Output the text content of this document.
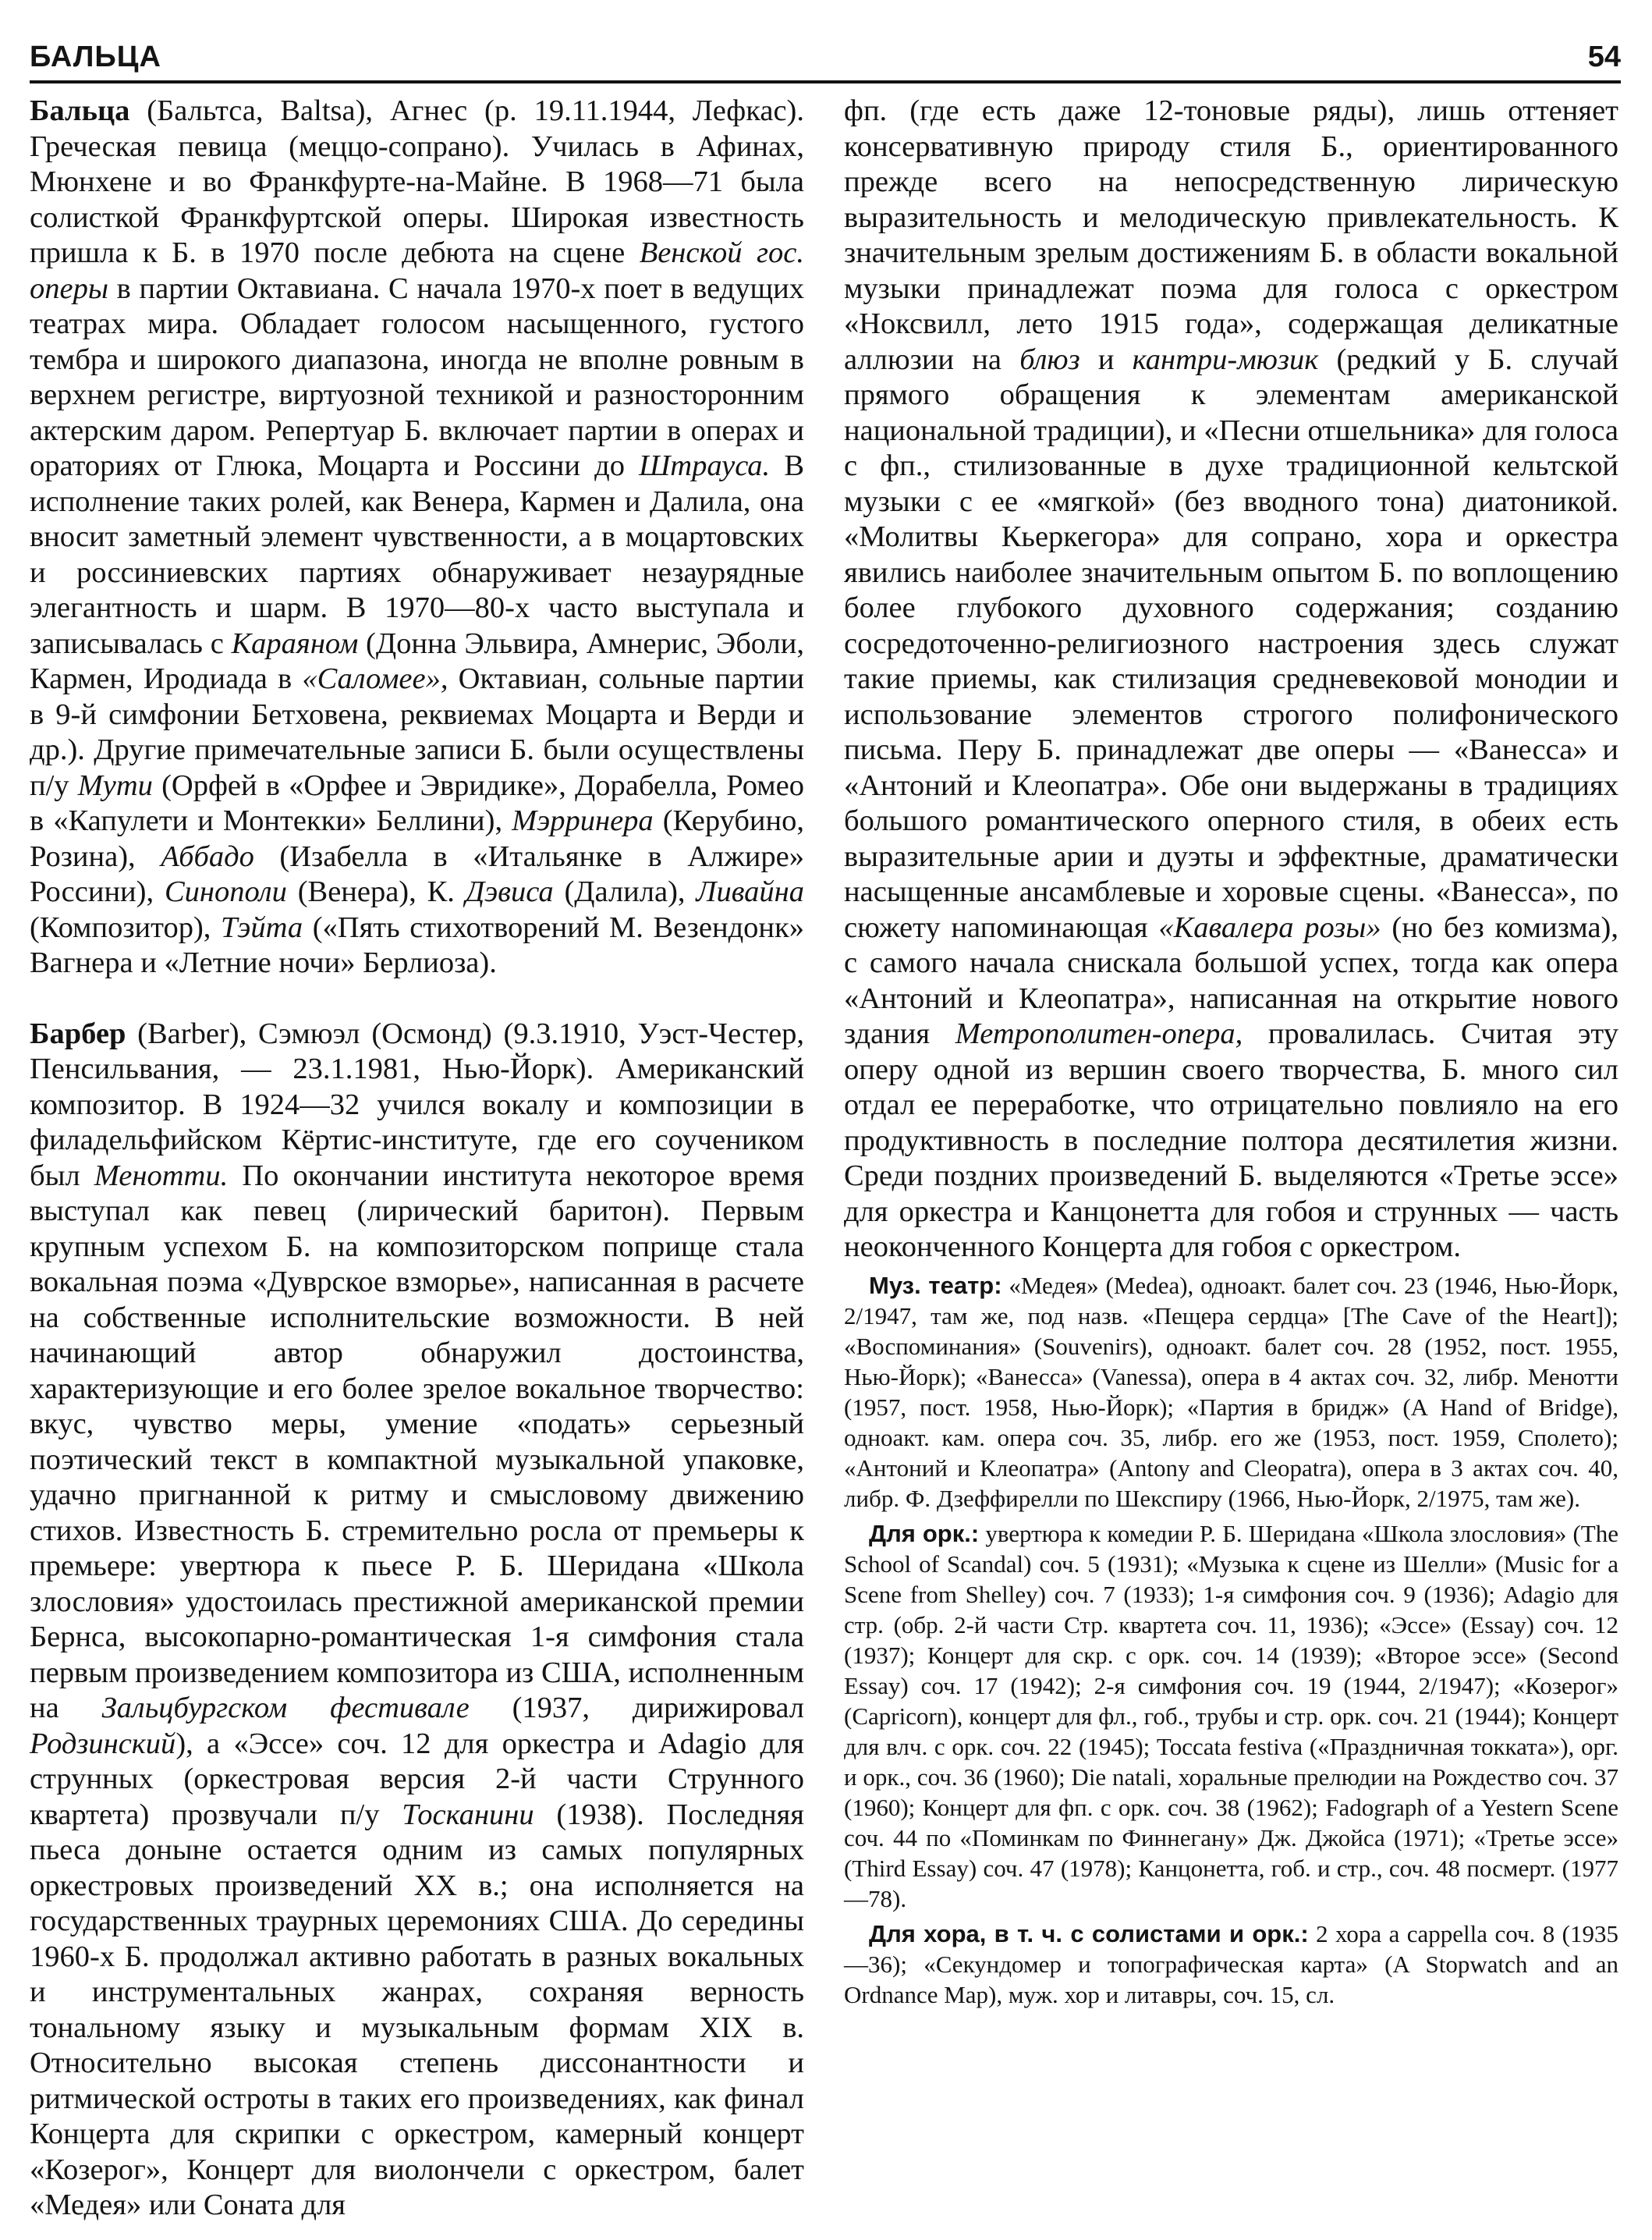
БАЛЬЦА	54

Бальца (Бальтса, Baltsa), Агнес (р. 19.11.1944, Лефкас). Греческая певица (меццо-сопрано). Училась в Афинах, Мюнхене и во Франкфурте-на-Майне. В 1968—71 была солисткой Франкфуртской оперы. Широкая известность пришла к Б. в 1970 после дебюта на сцене Венской гос. оперы в партии Октавиана. С начала 1970-х поет в ведущих театрах мира. Обладает голосом насыщенного, густого тембра и широкого диапазона, иногда не вполне ровным в верхнем регистре, виртуозной техникой и разносторонним актерским даром. Репертуар Б. включает партии в операх и ораториях от Глюка, Моцарта и Россини до Штрауса. В исполнение таких ролей, как Венера, Кармен и Далила, она вносит заметный элемент чувственности, а в моцартовских и россиниевских партиях обнаруживает незаурядные элегантность и шарм. В 1970—80-х часто выступала и записывалась с Караяном (Донна Эльвира, Амнерис, Эболи, Кармен, Иродиада в «Саломее», Октавиан, сольные партии в 9-й симфонии Бетховена, реквиемах Моцарта и Верди и др.). Другие примечательные записи Б. были осуществлены п/у Мути (Орфей в «Орфее и Эвридике», Дорабелла, Ромео в «Капулети и Монтекки» Беллини), Мэрринера (Керубино, Розина), Аббадо (Изабелла в «Итальянке в Алжире» Россини), Синополи (Венера), К. Дэвиса (Далила), Ливайна (Композитор), Тэйта («Пять стихотворений М. Везендонк» Вагнера и «Летние ночи» Берлиоза).

Барбер (Barber), Сэмюэл (Осмонд) (9.3.1910, Уэст-Честер, Пенсильвания, — 23.1.1981, Нью-Йорк). Американский композитор. В 1924—32 учился вокалу и композиции в филадельфийском Кёртис-институте, где его соучеником был Менотти. По окончании института некоторое время выступал как певец (лирический баритон). Первым крупным успехом Б. на композиторском поприще стала вокальная поэма «Дуврское взморье», написанная в расчете на собственные исполнительские возможности. В ней начинающий автор обнаружил достоинства, характеризующие и его более зрелое вокальное творчество: вкус, чувство меры, умение «подать» серьезный поэтический текст в компактной музыкальной упаковке, удачно пригнанной к ритму и смысловому движению стихов. Известность Б. стремительно росла от премьеры к премьере: увертюра к пьесе Р. Б. Шеридана «Школа злословия» удостоилась престижной американской премии Бернса, высокопарно-романтическая 1-я симфония стала первым произведением композитора из США, исполненным на Зальцбургском фестивале (1937, дирижировал Родзинский), а «Эссе» соч. 12 для оркестра и Adagio для струнных (оркестровая версия 2-й части Струнного квартета) прозвучали п/у Тосканини (1938). Последняя пьеса доныне остается одним из самых популярных оркестровых произведений XX в.; она исполняется на государственных траурных церемониях США. До середины 1960-х Б. продолжал активно работать в разных вокальных и инструментальных жанрах, сохраняя верность тональному языку и музыкальным формам XIX в. Относительно высокая степень диссонантности и ритмической остроты в таких его произведениях, как финал Концерта для скрипки с оркестром, камерный концерт «Козерог», Концерт для виолончели с оркестром, балет «Медея» или Соната для

фп. (где есть даже 12-тоновые ряды), лишь оттеняет консервативную природу стиля Б., ориентированного прежде всего на непосредственную лирическую выразительность и мелодическую привлекательность. К значительным зрелым достижениям Б. в области вокальной музыки принадлежат поэма для голоса с оркестром «Ноксвилл, лето 1915 года», содержащая деликатные аллюзии на блюз и кантри-мюзик (редкий у Б. случай прямого обращения к элементам американской национальной традиции), и «Песни отшельника» для голоса с фп., стилизованные в духе традиционной кельтской музыки с ее «мягкой» (без вводного тона) диатоникой. «Молитвы Кьеркегора» для сопрано, хора и оркестра явились наиболее значительным опытом Б. по воплощению более глубокого духовного содержания; созданию сосредоточенно-религиозного настроения здесь служат такие приемы, как стилизация средневековой монодии и использование элементов строгого полифонического письма. Перу Б. принадлежат две оперы — «Ванесса» и «Антоний и Клеопатра». Обе они выдержаны в традициях большого романтического оперного стиля, в обеих есть выразительные арии и дуэты и эффектные, драматически насыщенные ансамблевые и хоровые сцены. «Ванесса», по сюжету напоминающая «Кавалера розы» (но без комизма), с самого начала снискала большой успех, тогда как опера «Антоний и Клеопатра», написанная на открытие нового здания Метрополитен-опера, провалилась. Считая эту оперу одной из вершин своего творчества, Б. много сил отдал ее переработке, что отрицательно повлияло на его продуктивность в последние полтора десятилетия жизни. Среди поздних произведений Б. выделяются «Третье эссе» для оркестра и Канцонетта для гобоя и струнных — часть неоконченного Концерта для гобоя с оркестром.

Муз. театр: «Медея» (Medea), одноакт. балет соч. 23 (1946, Нью-Йорк, 2/1947, там же, под назв. «Пещера сердца» [The Cave of the Heart]); «Воспоминания» (Souvenirs), одноакт. балет соч. 28 (1952, пост. 1955, Нью-Йорк); «Ванесса» (Vanessa), опера в 4 актах соч. 32, либр. Менотти (1957, пост. 1958, Нью-Йорк); «Партия в бридж» (A Hand of Bridge), одноакт. кам. опера соч. 35, либр. его же (1953, пост. 1959, Сполето); «Антоний и Клеопатра» (Antony and Cleopatra), опера в 3 актах соч. 40, либр. Ф. Дзеффирелли по Шекспиру (1966, Нью-Йорк, 2/1975, там же).

Для орк.: увертюра к комедии Р. Б. Шеридана «Школа злословия» (The School of Scandal) соч. 5 (1931); «Музыка к сцене из Шелли» (Music for a Scene from Shelley) соч. 7 (1933); 1-я симфония соч. 9 (1936); Adagio для стр. (обр. 2-й части Стр. квартета соч. 11, 1936); «Эссе» (Essay) соч. 12 (1937); Концерт для скр. с орк. соч. 14 (1939); «Второе эссе» (Second Essay) соч. 17 (1942); 2-я симфония соч. 19 (1944, 2/1947); «Козерог» (Capricorn), концерт для фл., гоб., трубы и стр. орк. соч. 21 (1944); Концерт для влч. с орк. соч. 22 (1945); Toccata festiva («Праздничная токката»), орг. и орк., соч. 36 (1960); Die natali, хоральные прелюдии на Рождество соч. 37 (1960); Концерт для фп. с орк. соч. 38 (1962); Fadograph of a Yestern Scene соч. 44 по «Поминкам по Финнегану» Дж. Джойса (1971); «Третье эссе» (Third Essay) соч. 47 (1978); Канцонетта, гоб. и стр., соч. 48 посмерт. (1977—78).

Для хора, в т. ч. с солистами и орк.: 2 хора a cappella соч. 8 (1935—36); «Секундомер и топографическая карта» (A Stopwatch and an Ordnance Map), муж. хор и литавры, соч. 15, сл.
